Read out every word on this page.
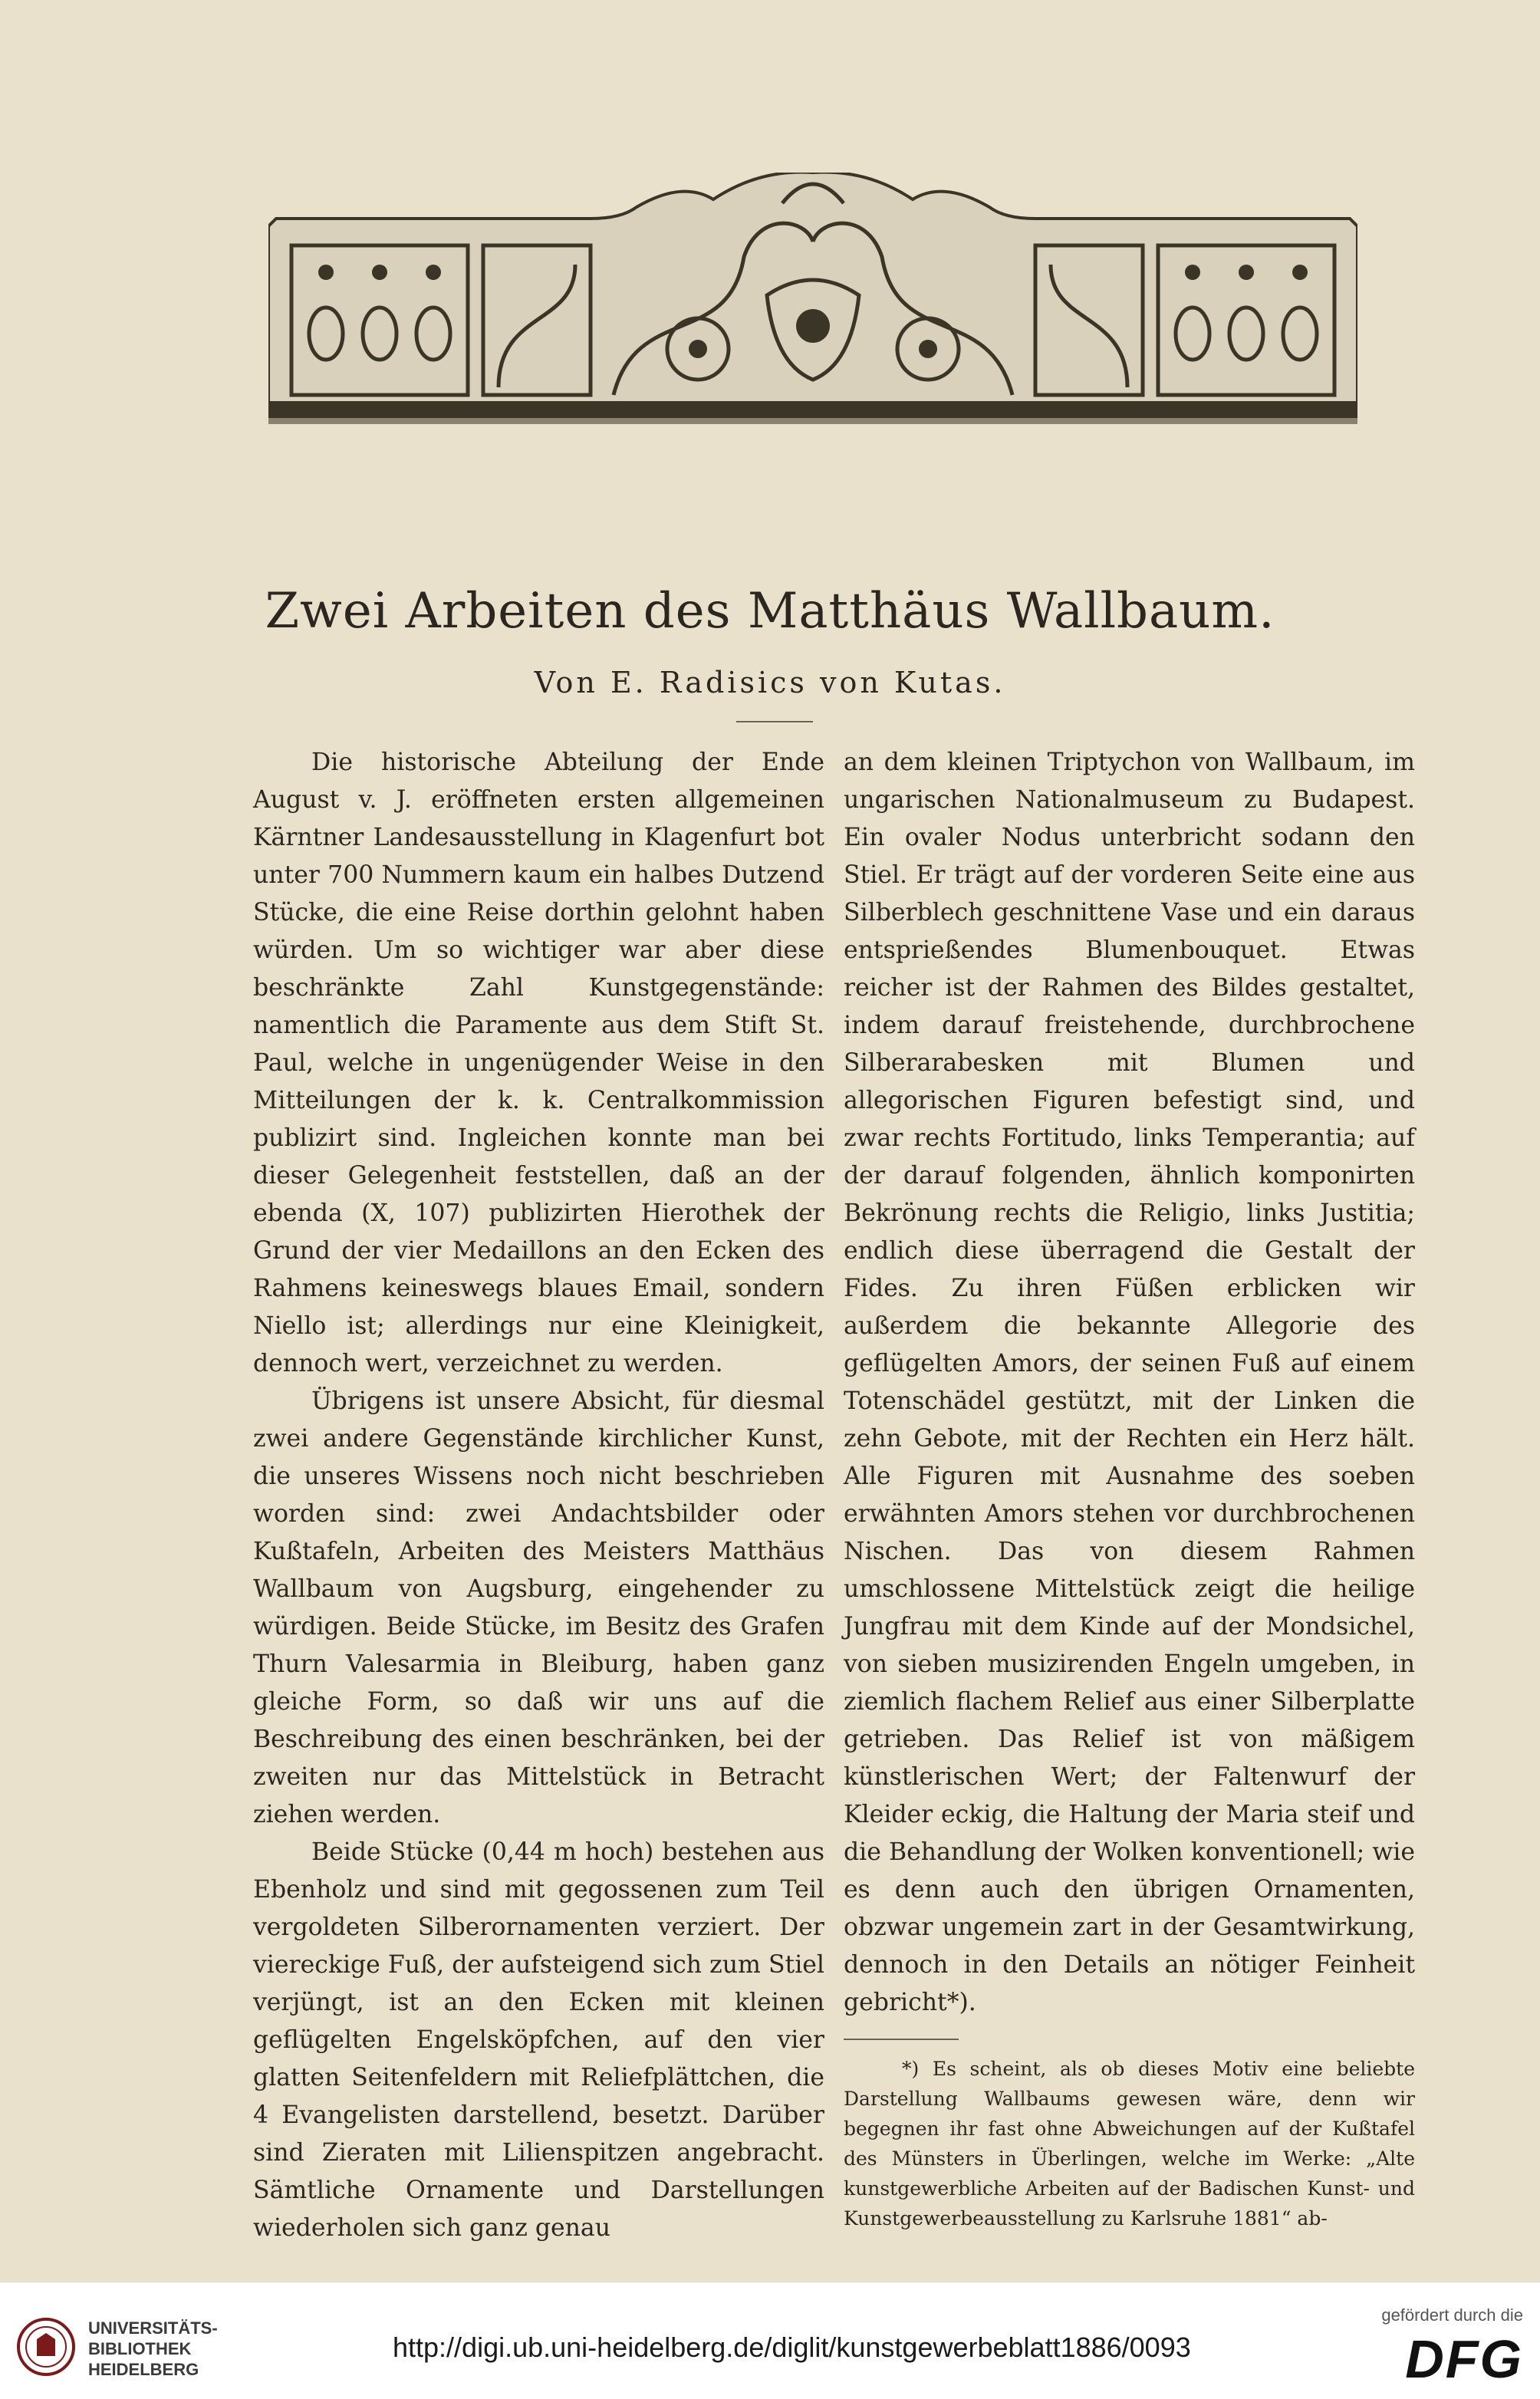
Zwei Arbeiten des Matthäus Wallbaum.
Von E. Radisics von Kutas.

Die historische Abteilung der Ende August v. J. eröffneten ersten allgemeinen Kärntner Landesausstellung in Klagenfurt bot unter 700 Nummern kaum ein halbes Dutzend Stücke, die eine Reise dorthin gelohnt haben würden. Um so wichtiger war aber diese beschränkte Zahl Kunstgegenstände: namentlich die Paramente aus dem Stift St. Paul, welche in ungenügender Weise in den Mitteilungen der k. k. Centralkommission publizirt sind. Ingleichen konnte man bei dieser Gelegenheit feststellen, daß an der ebenda (X, 107) publizirten Hierothek der Grund der vier Medaillons an den Ecken des Rahmens keineswegs blaues Email, sondern Niello ist; allerdings nur eine Kleinigkeit, dennoch wert, verzeichnet zu werden.

Übrigens ist unsere Absicht, für diesmal zwei andere Gegenstände kirchlicher Kunst, die unseres Wissens noch nicht beschrieben worden sind: zwei Andachtsbilder oder Kußtafeln, Arbeiten des Meisters Matthäus Wallbaum von Augsburg, eingehender zu würdigen. Beide Stücke, im Besitz des Grafen Thurn Valesarmia in Bleiburg, haben ganz gleiche Form, so daß wir uns auf die Beschreibung des einen beschränken, bei der zweiten nur das Mittelstück in Betracht ziehen werden.

Beide Stücke (0,44 m hoch) bestehen aus Ebenholz und sind mit gegossenen zum Teil vergoldeten Silberornamenten verziert. Der viereckige Fuß, der aufsteigend sich zum Stiel verjüngt, ist an den Ecken mit kleinen geflügelten Engelsköpfchen, auf den vier glatten Seitenfeldern mit Reliefplättchen, die 4 Evangelisten darstellend, besetzt. Darüber sind Zieraten mit Lilienspitzen angebracht. Sämtliche Ornamente und Darstellungen wiederholen sich ganz genau

an dem kleinen Triptychon von Wallbaum, im ungarischen Nationalmuseum zu Budapest. Ein ovaler Nodus unterbricht sodann den Stiel. Er trägt auf der vorderen Seite eine aus Silberblech geschnittene Vase und ein daraus entsprießendes Blumenbouquet. Etwas reicher ist der Rahmen des Bildes gestaltet, indem darauf freistehende, durchbrochene Silberarabesken mit Blumen und allegorischen Figuren befestigt sind, und zwar rechts Fortitudo, links Temperantia; auf der darauf folgenden, ähnlich komponirten Bekrönung rechts die Religio, links Justitia; endlich diese überragend die Gestalt der Fides. Zu ihren Füßen erblicken wir außerdem die bekannte Allegorie des geflügelten Amors, der seinen Fuß auf einem Totenschädel gestützt, mit der Linken die zehn Gebote, mit der Rechten ein Herz hält. Alle Figuren mit Ausnahme des soeben erwähnten Amors stehen vor durchbrochenen Nischen. Das von diesem Rahmen umschlossene Mittelstück zeigt die heilige Jungfrau mit dem Kinde auf der Mondsichel, von sieben musizirenden Engeln umgeben, in ziemlich flachem Relief aus einer Silberplatte getrieben. Das Relief ist von mäßigem künstlerischen Wert; der Faltenwurf der Kleider eckig, die Haltung der Maria steif und die Behandlung der Wolken konventionell; wie es denn auch den übrigen Ornamenten, obzwar ungemein zart in der Gesamtwirkung, dennoch in den Details an nötiger Feinheit gebricht*).

*) Es scheint, als ob dieses Motiv eine beliebte Darstellung Wallbaums gewesen wäre, denn wir begegnen ihr fast ohne Abweichungen auf der Kußtafel des Münsters in Überlingen, welche im Werke: „Alte kunstgewerbliche Arbeiten auf der Badischen Kunst- und Kunstgewerbeausstellung zu Karlsruhe 1881“ ab-

UNIVERSITÄTS-
BIBLIOTHEK
HEIDELBERG
http://digi.ub.uni-heidelberg.de/diglit/kunstgewerbeblatt1886/0093
gefördert durch die
DFG
